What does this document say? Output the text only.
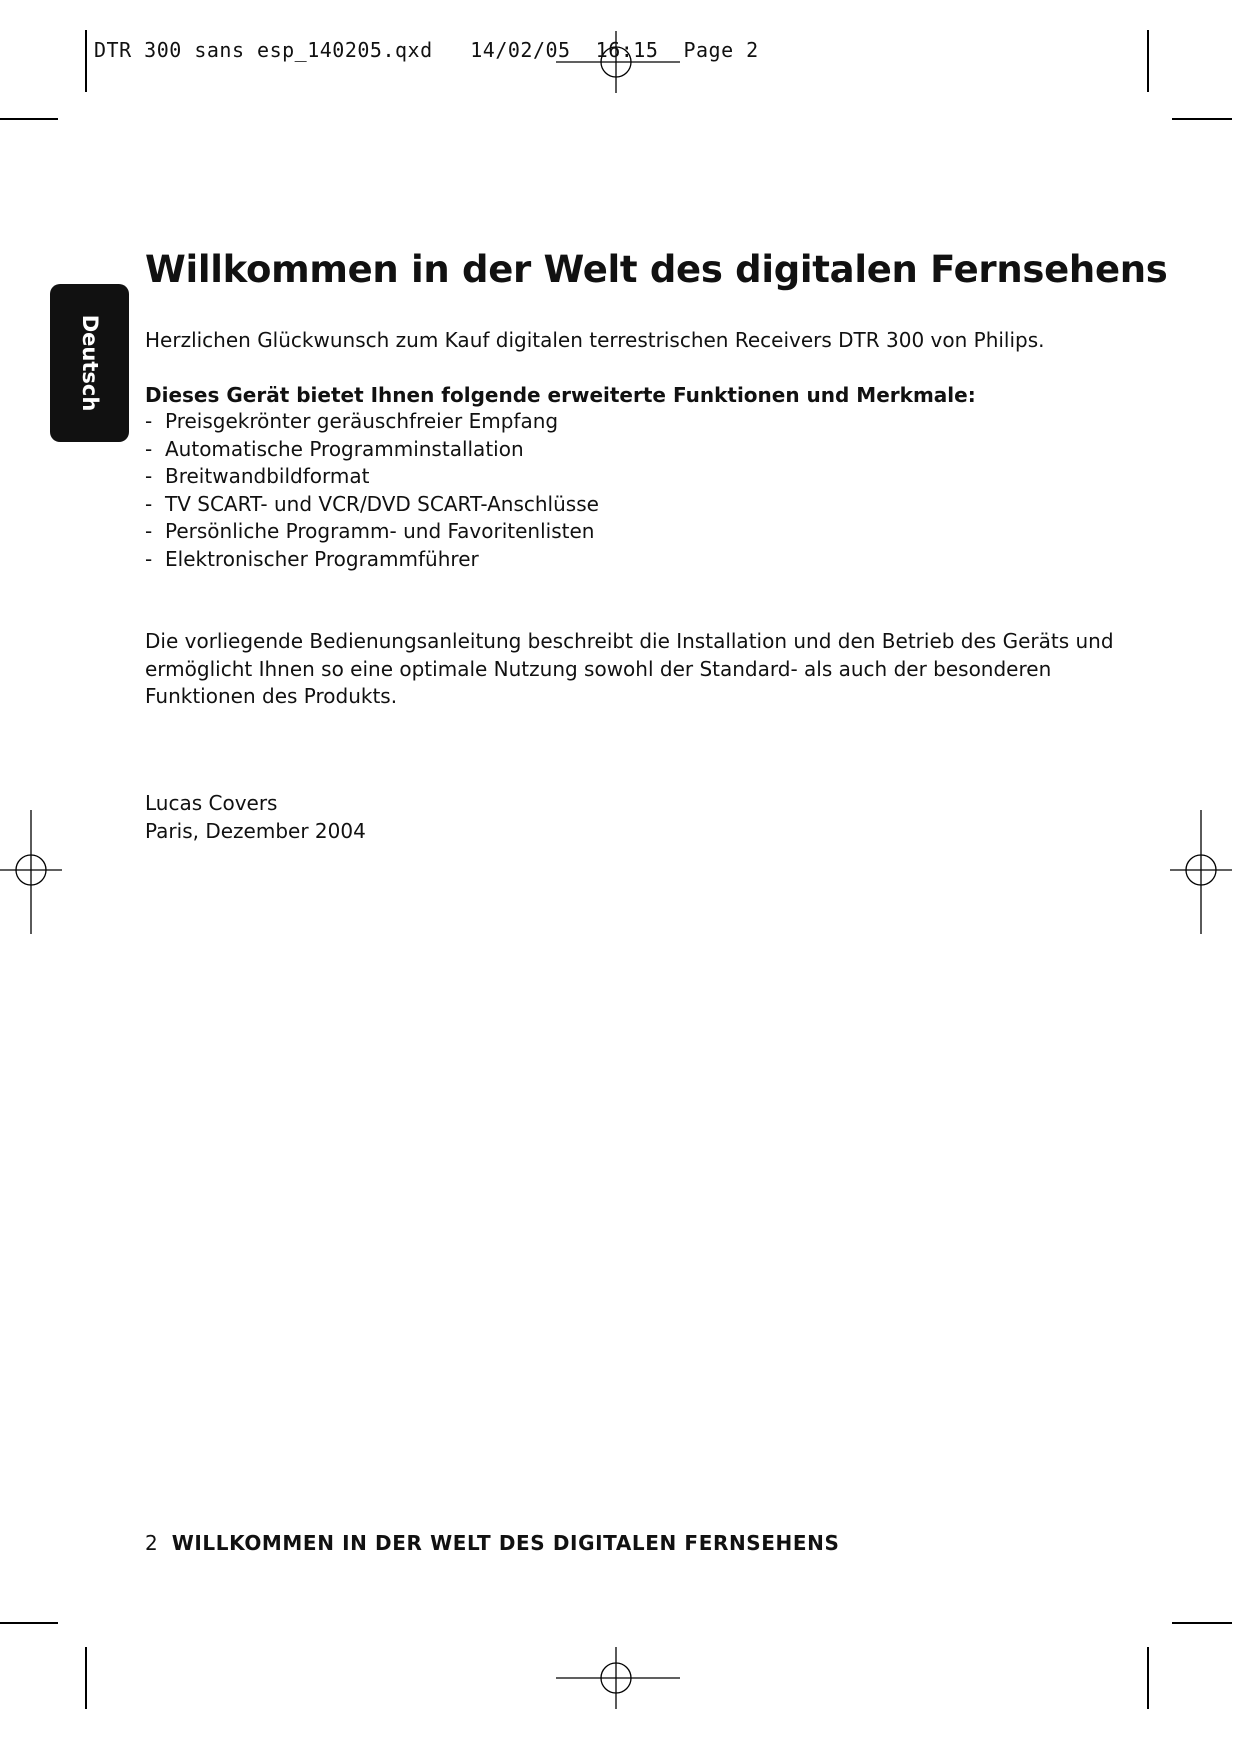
DTR 300 sans esp_140205.qxd 14/02/05 16:15 Page 2
Deutsch
Willkommen in der Welt des digitalen Fernsehens
Herzlichen Glückwunsch zum Kauf digitalen terrestrischen Receivers DTR 300 von Philips.
Dieses Gerät bietet Ihnen folgende erweiterte Funktionen und Merkmale:
- Preisgekrönter geräuschfreier Empfang
- Automatische Programminstallation
- Breitwandbildformat
- TV SCART- und VCR/DVD SCART-Anschlüsse
- Persönliche Programm- und Favoritenlisten
- Elektronischer Programmführer
Die vorliegende Bedienungsanleitung beschreibt die Installation und den Betrieb des Geräts und
ermöglicht Ihnen so eine optimale Nutzung sowohl der Standard- als auch der besonderen
Funktionen des Produkts.
Lucas Covers
Paris, Dezember 2004
2 WILLKOMMEN IN DER WELT DES DIGITALEN FERNSEHENS
